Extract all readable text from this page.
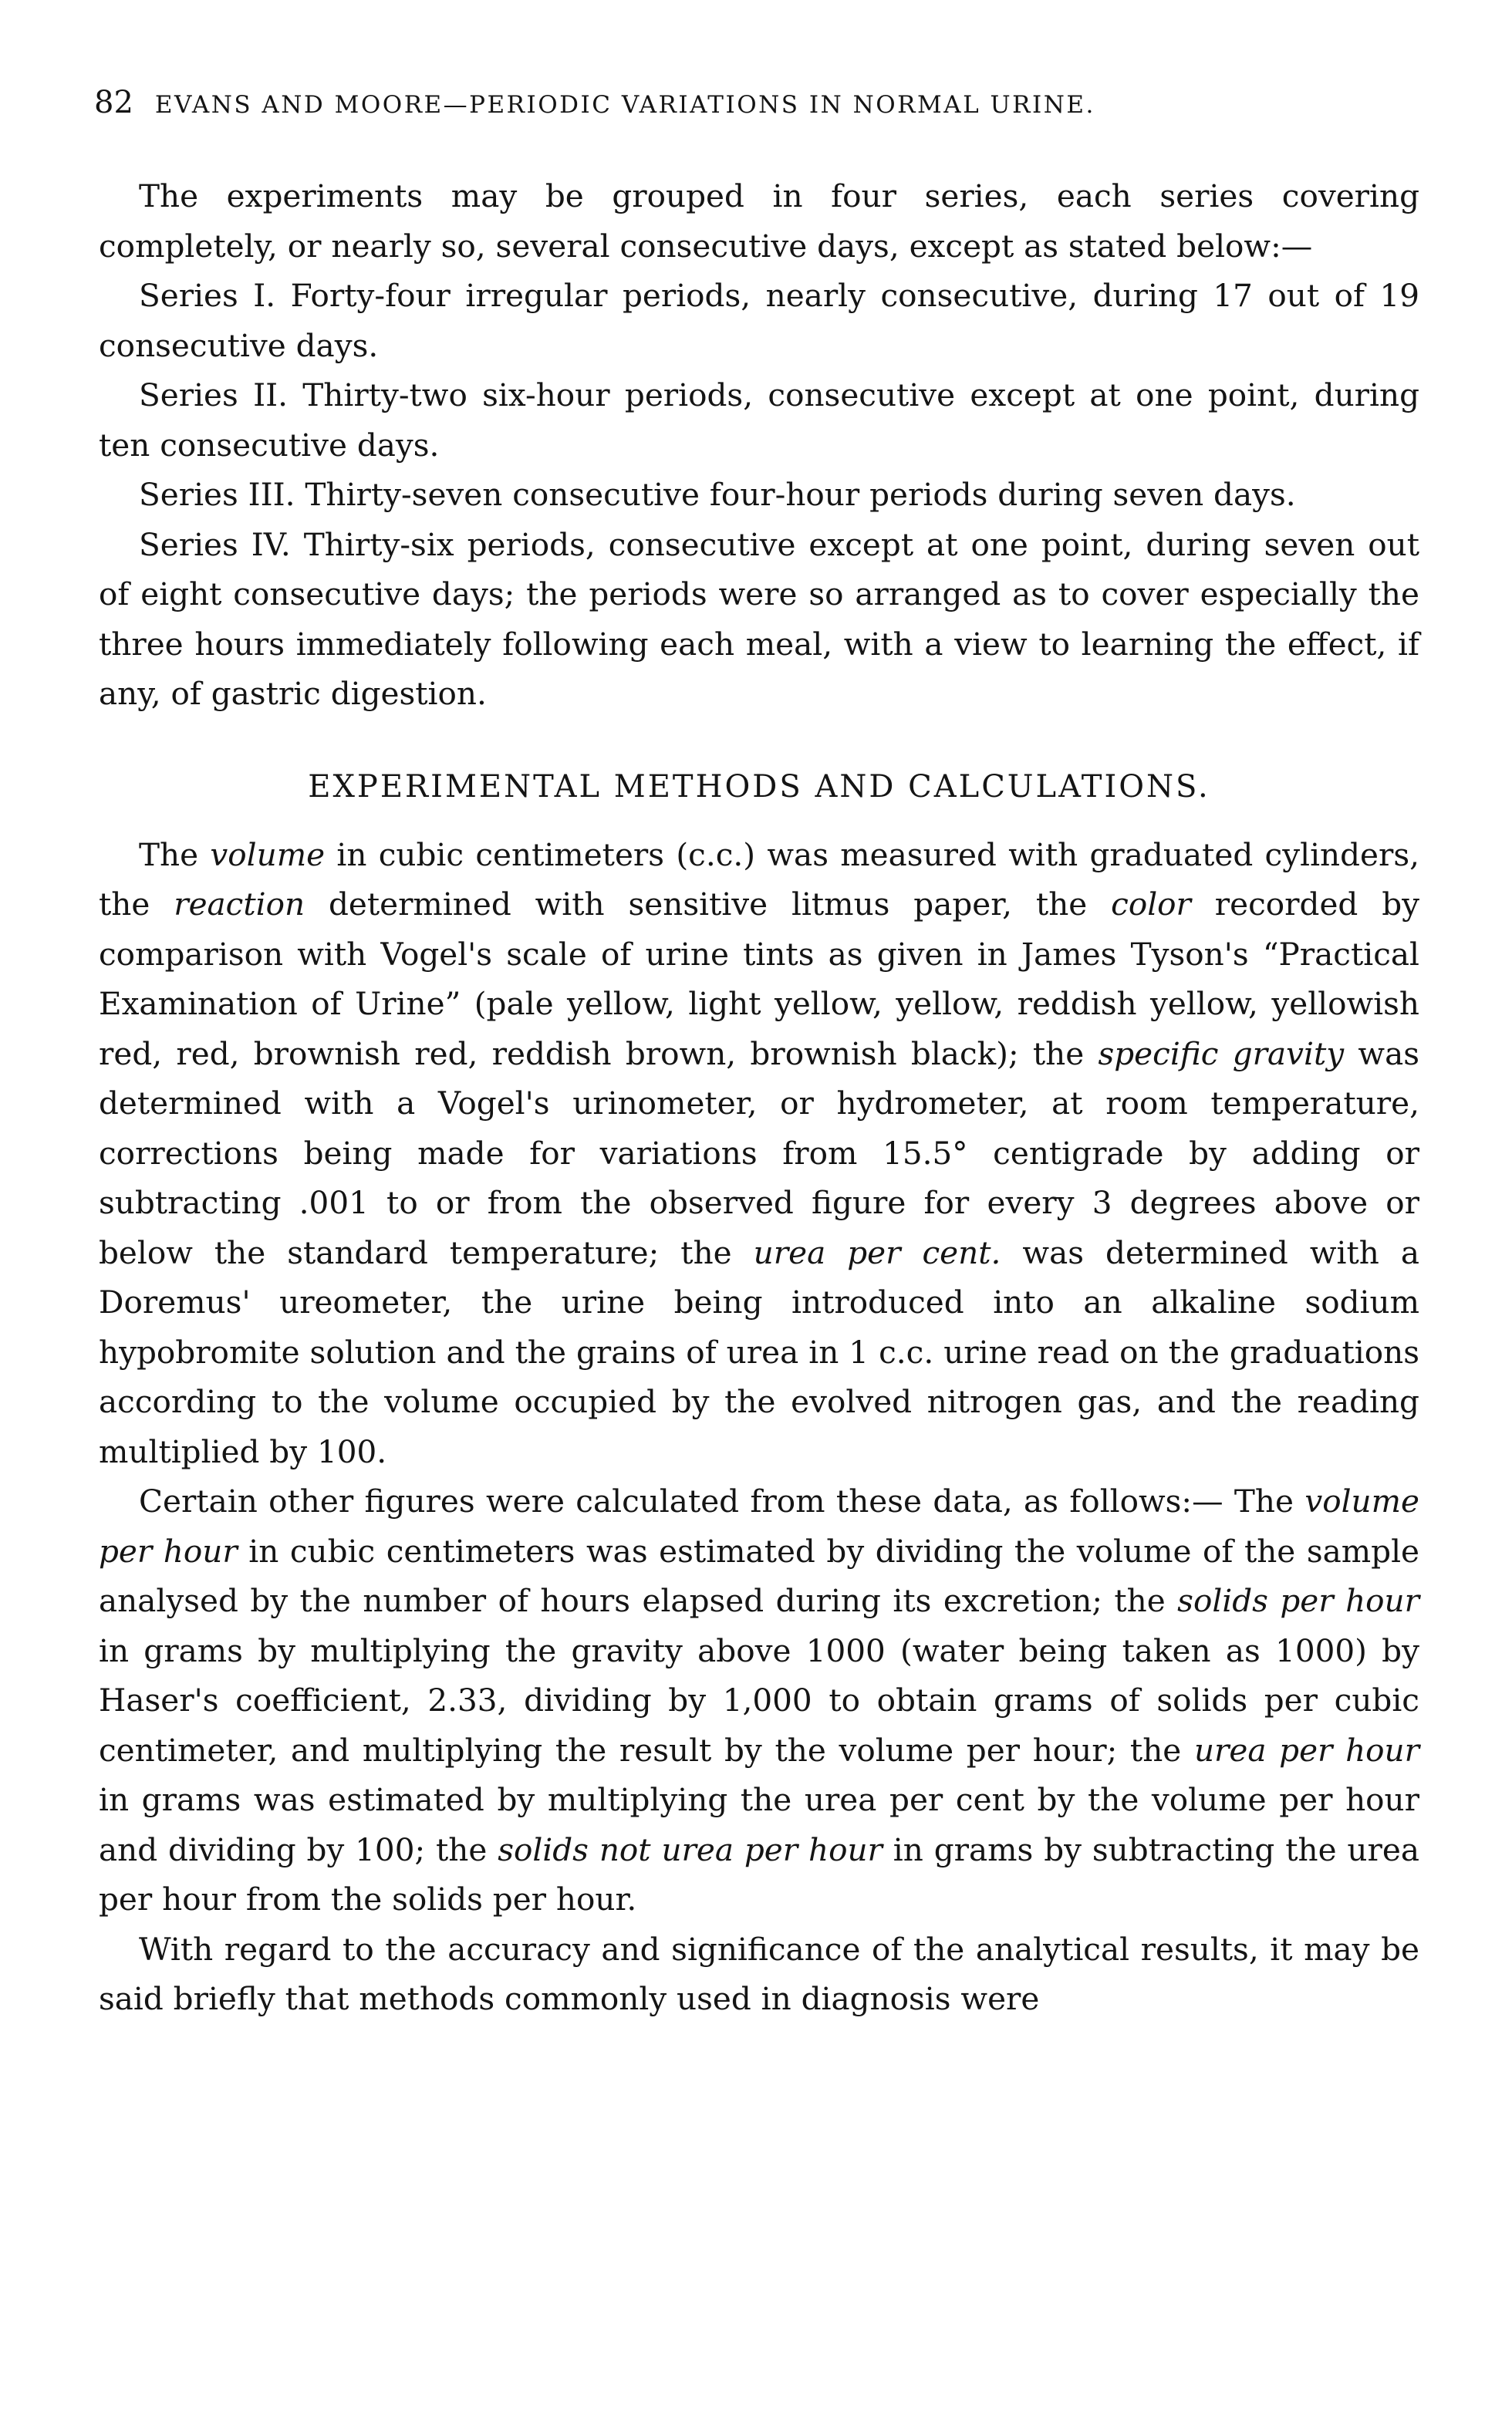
82 EVANS AND MOORE—PERIODIC VARIATIONS IN NORMAL URINE.

The experiments may be grouped in four series, each series covering completely, or nearly so, several consecutive days, except as stated below:—

Series I. Forty-four irregular periods, nearly consecutive, during 17 out of 19 consecutive days.

Series II. Thirty-two six-hour periods, consecutive except at one point, during ten consecutive days.

Series III. Thirty-seven consecutive four-hour periods during seven days.

Series IV. Thirty-six periods, consecutive except at one point, during seven out of eight consecutive days; the periods were so arranged as to cover especially the three hours immediately following each meal, with a view to learning the effect, if any, of gastric digestion.

EXPERIMENTAL METHODS AND CALCULATIONS.

The volume in cubic centimeters (c.c.) was measured with graduated cylinders, the reaction determined with sensitive litmus paper, the color recorded by comparison with Vogel's scale of urine tints as given in James Tyson's “Practical Examination of Urine” (pale yellow, light yellow, yellow, reddish yellow, yellowish red, red, brownish red, reddish brown, brownish black); the specific gravity was determined with a Vogel's urinometer, or hydrometer, at room temperature, corrections being made for variations from 15.5° centigrade by adding or subtracting .001 to or from the observed figure for every 3 degrees above or below the standard temperature; the urea per cent. was determined with a Doremus' ureometer, the urine being introduced into an alkaline sodium hypobromite solution and the grains of urea in 1 c.c. urine read on the graduations according to the volume occupied by the evolved nitrogen gas, and the reading multiplied by 100.

Certain other figures were calculated from these data, as follows:— The volume per hour in cubic centimeters was estimated by dividing the volume of the sample analysed by the number of hours elapsed during its excretion; the solids per hour in grams by multiplying the gravity above 1000 (water being taken as 1000) by Haser's coefficient, 2.33, dividing by 1,000 to obtain grams of solids per cubic centimeter, and multiplying the result by the volume per hour; the urea per hour in grams was estimated by multiplying the urea per cent by the volume per hour and dividing by 100; the solids not urea per hour in grams by subtracting the urea per hour from the solids per hour.

With regard to the accuracy and significance of the analytical results, it may be said briefly that methods commonly used in diagnosis were
